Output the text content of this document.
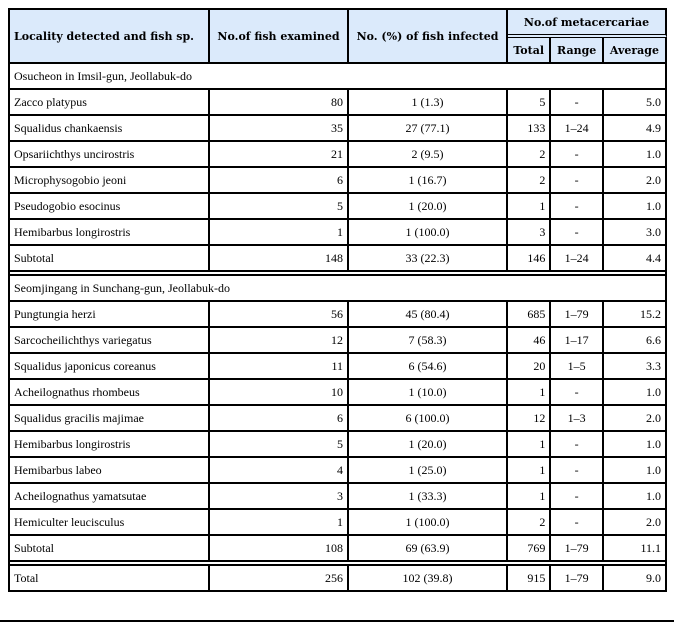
Locality detected and fish sp.	No.of fish examined	No. (%) of fish infected	No.of metacercariae		
			Total	Range	Average
Osucheon in Imsil-gun, Jeollabuk-do					
Zacco platypus	80	1 (1.3)	5	-	5.0
Squalidus chankaensis	35	27 (77.1)	133	1–24	4.9
Opsariichthys uncirostris	21	2 (9.5)	2	-	1.0
Microphysogobio jeoni	6	1 (16.7)	2	-	2.0
Pseudogobio esocinus	5	1 (20.0)	1	-	1.0
Hemibarbus longirostris	1	1 (100.0)	3	-	3.0
Subtotal	148	33 (22.3)	146	1–24	4.4

Seomjingang in Sunchang-gun, Jeollabuk-do					
Pungtungia herzi	56	45 (80.4)	685	1–79	15.2
Sarcocheilichthys variegatus	12	7 (58.3)	46	1–17	6.6
Squalidus japonicus coreanus	11	6 (54.6)	20	1–5	3.3
Acheilognathus rhombeus	10	1 (10.0)	1	-	1.0
Squalidus gracilis majimae	6	6 (100.0)	12	1–3	2.0
Hemibarbus longirostris	5	1 (20.0)	1	-	1.0
Hemibarbus labeo	4	1 (25.0)	1	-	1.0
Acheilognathus yamatsutae	3	1 (33.3)	1	-	1.0
Hemiculter leucisculus	1	1 (100.0)	2	-	2.0
Subtotal	108	69 (63.9)	769	1–79	11.1

Total	256	102 (39.8)	915	1–79	9.0
